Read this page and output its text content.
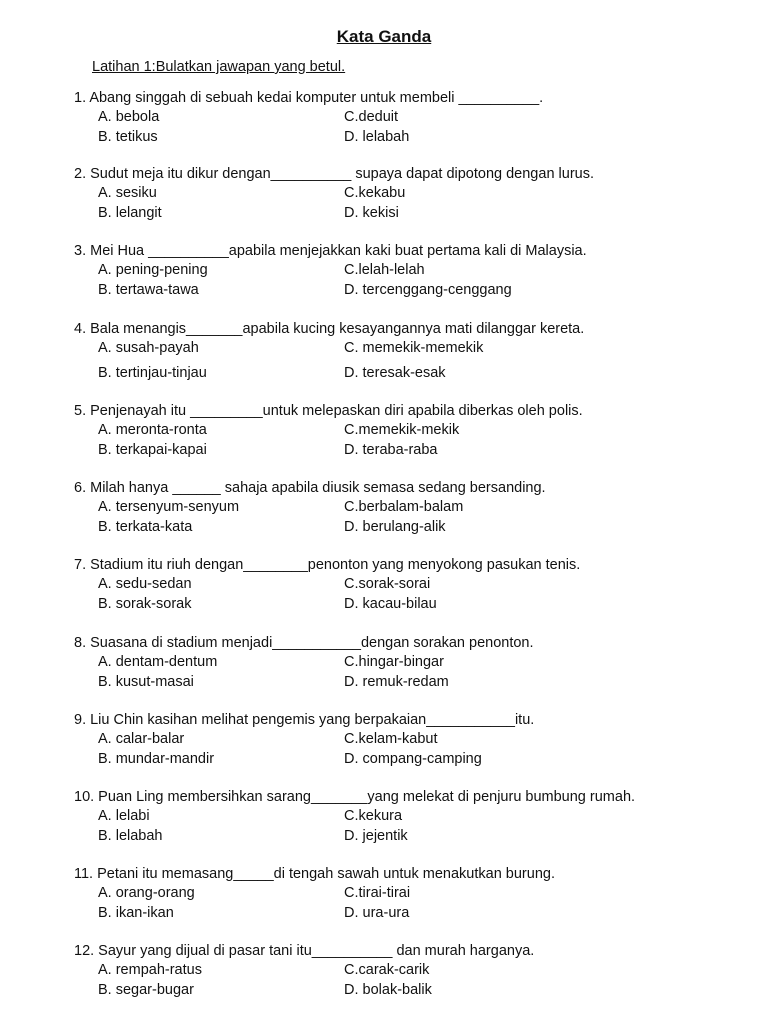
Kata Ganda
Latihan 1:Bulatkan jawapan yang betul.
1. Abang singgah di sebuah kedai komputer untuk membeli __________.
A. bebola	C.deduit
B. tetikus	D. lelabah
2. Sudut meja itu dikur dengan__________ supaya dapat dipotong dengan lurus.
A. sesiku	C.kekabu
B. lelangit	D. kekisi
3. Mei Hua __________apabila menjejakkan kaki buat pertama kali di Malaysia.
A. pening-pening	C.lelah-lelah
B. tertawa-tawa	D. tercenggang-cenggang
4. Bala menangis_______apabila kucing kesayangannya mati dilanggar kereta.
A. susah-payah	C. memekik-memekik
B. tertinjau-tinjau	D. teresak-esak
5. Penjenayah itu _________untuk melepaskan diri apabila diberkas oleh polis.
A. meronta-ronta	C.memekik-mekik
B. terkapai-kapai	D. teraba-raba
6. Milah hanya ______ sahaja apabila diusik semasa sedang bersanding.
A. tersenyum-senyum	C.berbalam-balam
B. terkata-kata	D. berulang-alik
7. Stadium itu riuh dengan________penonton yang menyokong pasukan tenis.
A. sedu-sedan	C.sorak-sorai
B. sorak-sorak	D. kacau-bilau
8. Suasana di stadium menjadi___________dengan sorakan penonton.
A. dentam-dentum	C.hingar-bingar
B. kusut-masai	D. remuk-redam
9. Liu Chin kasihan melihat pengemis yang berpakaian___________itu.
A. calar-balar	C.kelam-kabut
B. mundar-mandir	D. compang-camping
10. Puan Ling membersihkan sarang_______yang melekat di penjuru bumbung rumah.
A. lelabi	C.kekura
B. lelabah	D. jejentik
11. Petani itu memasang_____di tengah sawah untuk menakutkan burung.
A. orang-orang	C.tirai-tirai
B. ikan-ikan	D. ura-ura
12. Sayur yang dijual di pasar tani itu__________ dan murah harganya.
A. rempah-ratus	C.carak-carik
B. segar-bugar	D. bolak-balik
